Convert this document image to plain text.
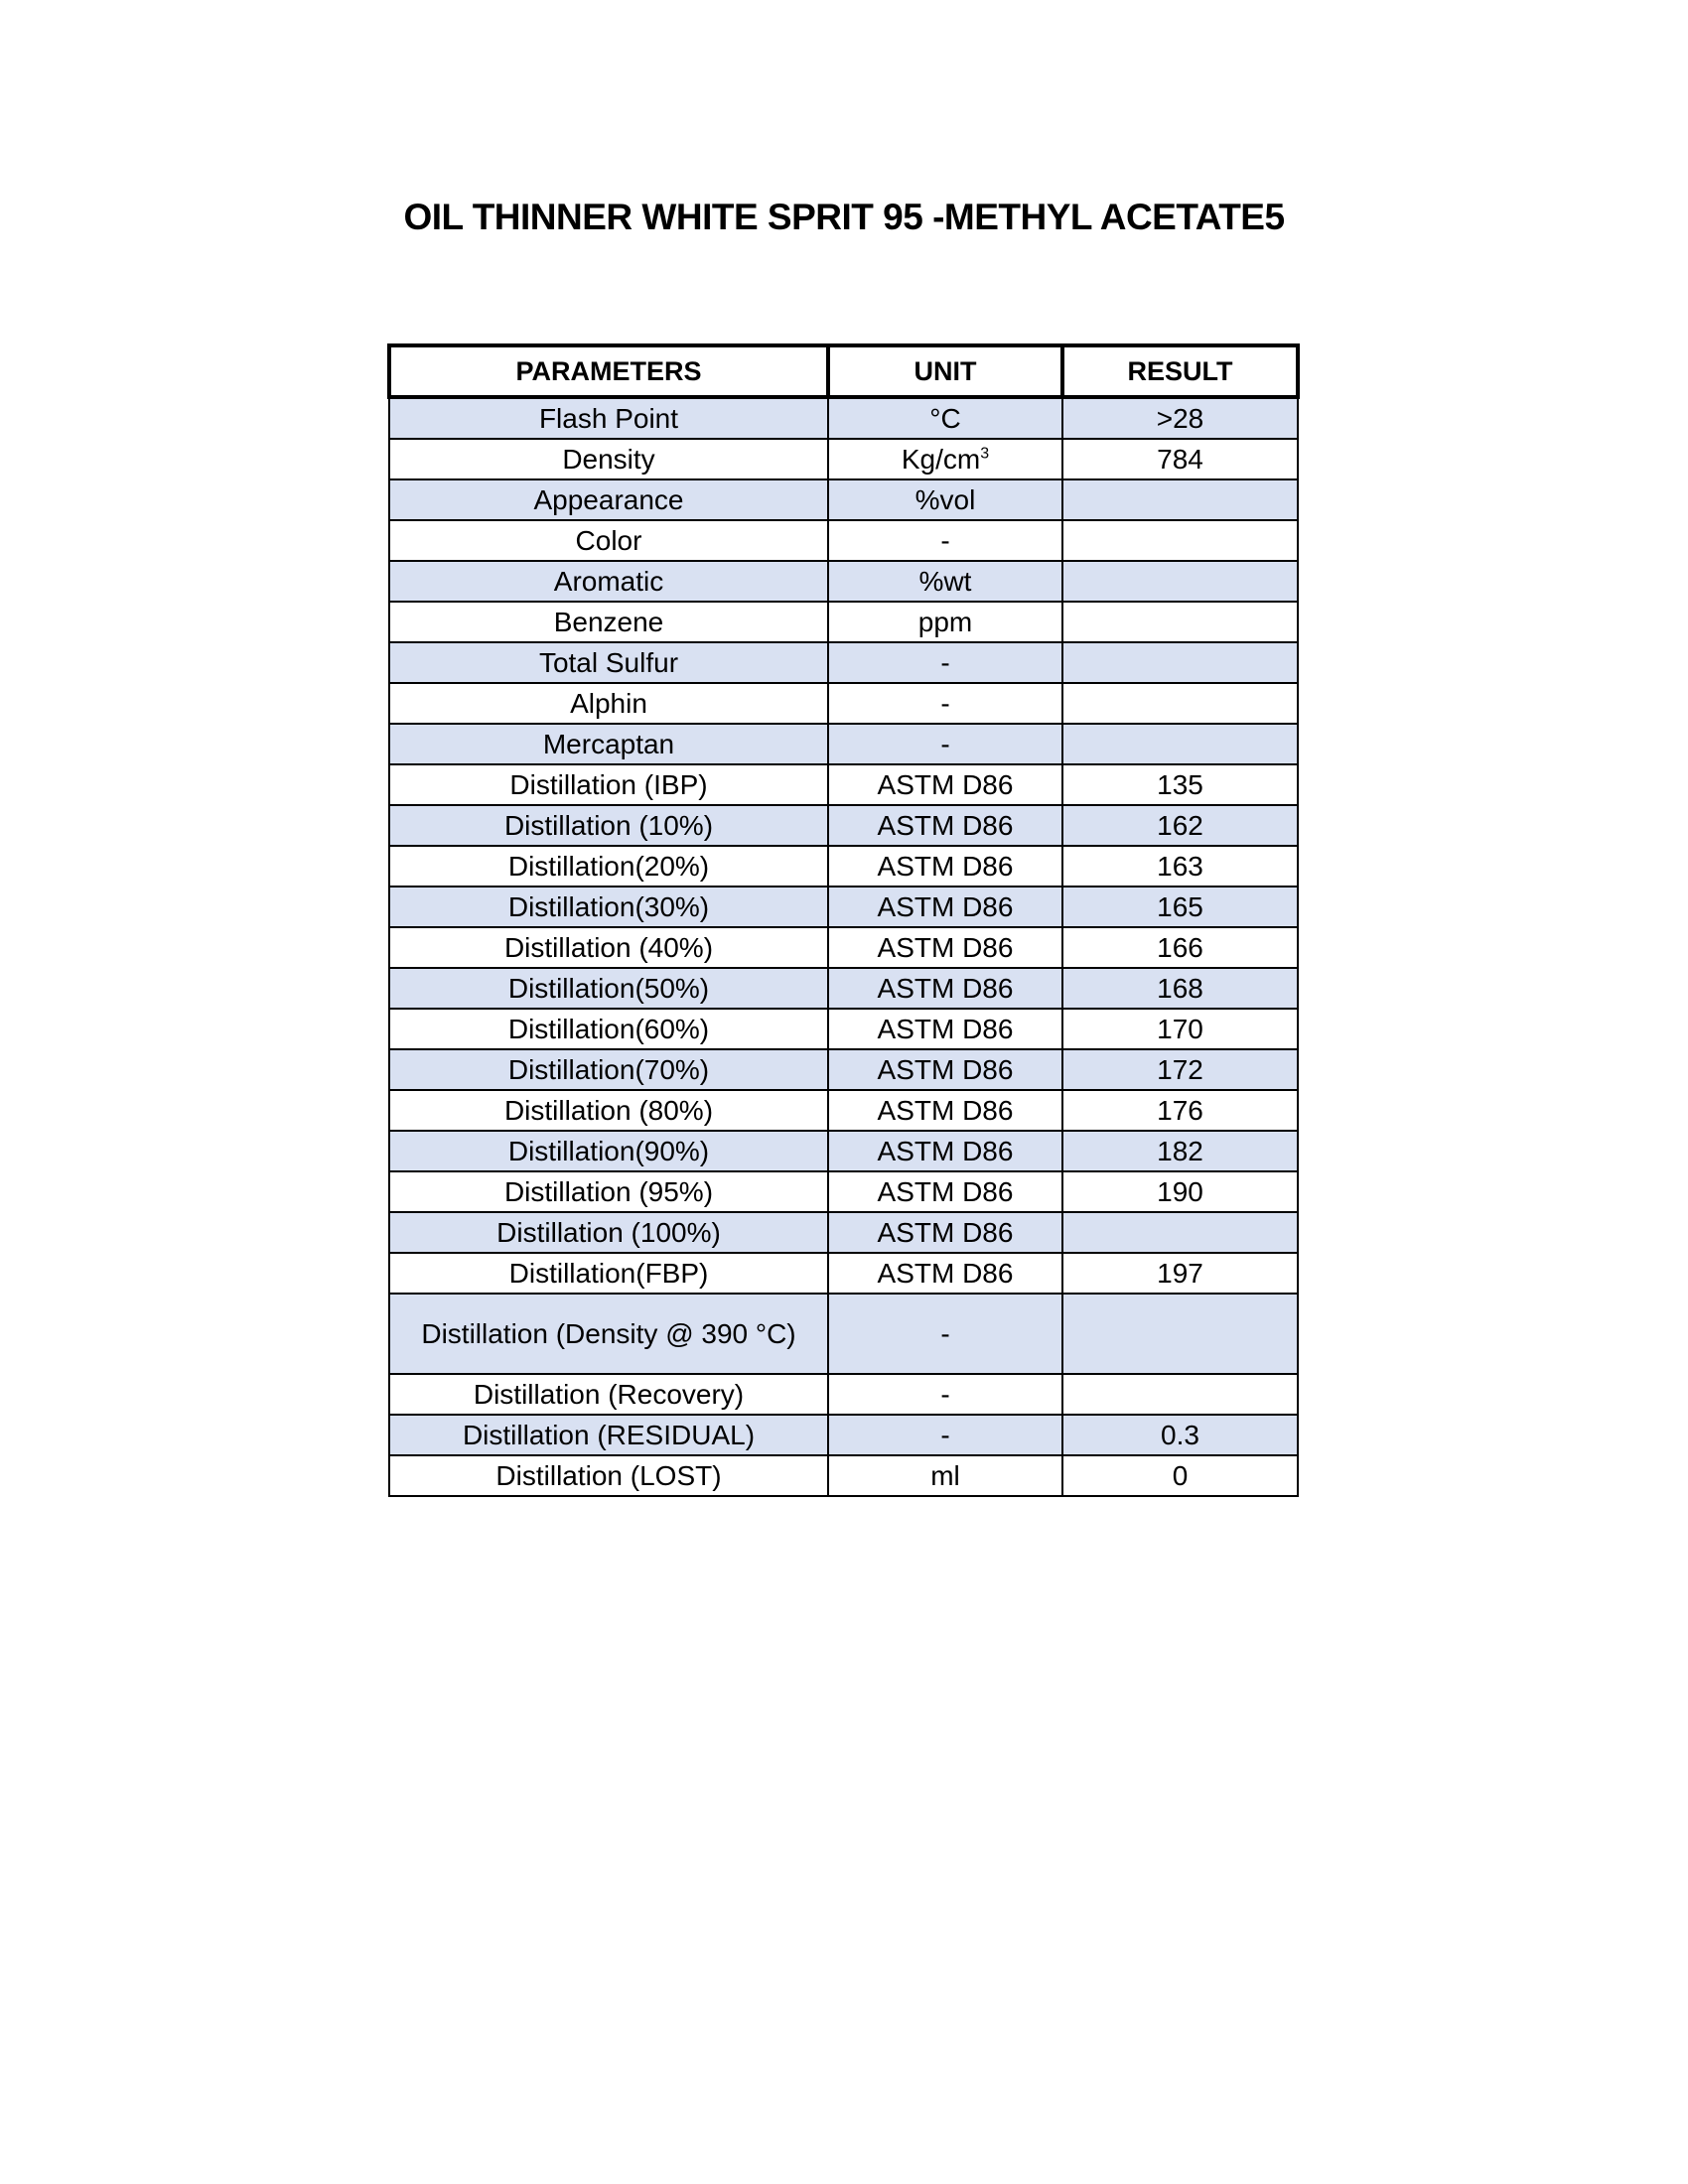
OIL THINNER WHITE SPRIT 95 -METHYL ACETATE5
PARAMETERS	UNIT	RESULT
Flash Point	°C	>28
Density	$Kg/cm^3$	784
Appearance	%vol	
Color	-	
Aromatic	%wt	
Benzene	ppm	
Total Sulfur	-	
Alphin	-	
Mercaptan	-	
Distillation (IBP)	ASTM D86	135
Distillation (10%)	ASTM D86	162
Distillation(20%)	ASTM D86	163
Distillation(30%)	ASTM D86	165
Distillation (40%)	ASTM D86	166
Distillation(50%)	ASTM D86	168
Distillation(60%)	ASTM D86	170
Distillation(70%)	ASTM D86	172
Distillation (80%)	ASTM D86	176
Distillation(90%)	ASTM D86	182
Distillation (95%)	ASTM D86	190
Distillation (100%)	ASTM D86	
Distillation(FBP)	ASTM D86	197
Distillation (Density @ 390 °C)	-	
Distillation (Recovery)	-	
Distillation (RESIDUAL)	-	0.3
Distillation (LOST)	ml	0
